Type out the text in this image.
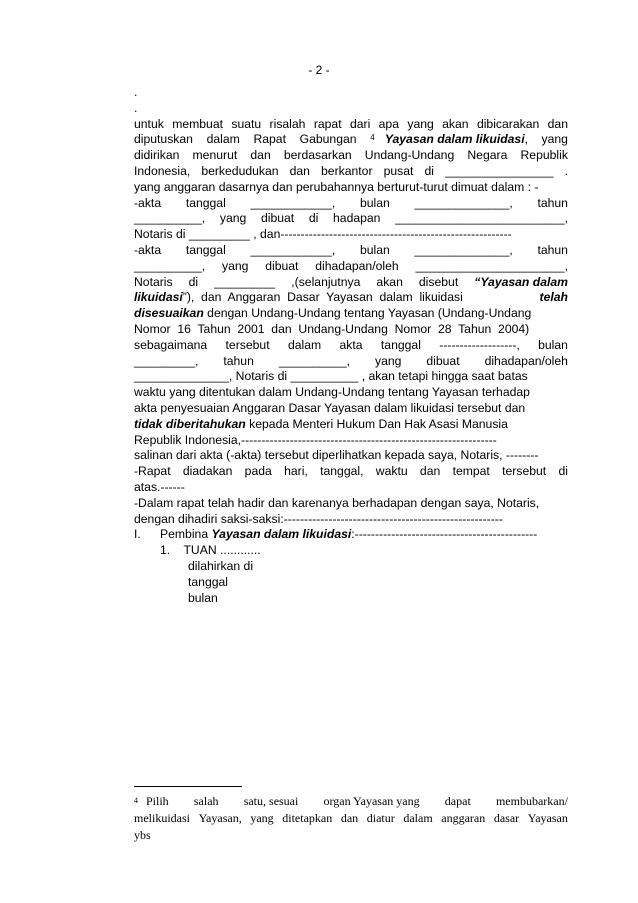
- 2 -
.
.
untuk membuat suatu risalah rapat dari apa yang akan dibicarakan dan
diputuskan dalam Rapat Gabungan $^4$ Yayasan dalam likuidasi,    yang
didirikan menurut dan berdasarkan Undang-Undang Negara Republik
Indonesia, berkedudukan dan berkantor pusat di ________________ .
yang anggaran dasarnya dan perubahannya berturut-turut dimuat dalam : -
-akta tanggal ____________, bulan ______________, tahun
__________, yang dibuat di hadapan _________________________,
Notaris di _________ , dan---------------------------------------------------------
-akta tanggal ____________, bulan ______________, tahun
__________, yang dibuat dihadapan/oleh ______________________,
Notaris di _________ ,(selanjutnya akan disebut “Yayasan dalam
likuidasi ”),  dan  Anggaran  Dasar  Yayasan  dalam  likuidasi	telah
disesuaikan dengan Undang-Undang tentang Yayasan (Undang-Undang
Nomor  16  Tahun  2001  dan  Undang-Undang  Nomor  28  Tahun  2004)
sebagaimana tersebut dalam akta tanggal -------------------, bulan
_________, tahun __________, yang dibuat dihadapan/oleh
______________, Notaris di __________ , akan tetapi hingga saat batas
waktu yang ditentukan dalam Undang-Undang tentang Yayasan terhadap
akta penyesuaian Anggaran Dasar Yayasan dalam likuidasi tersebut dan
tidak diberitahukan kepada Menteri Hukum Dan Hak Asasi Manusia
Republik Indonesia,---------------------------------------------------------------
salinan dari akta (-akta) tersebut diperlihatkan kepada saya, Notaris, --------
-Rapat diadakan pada hari, tanggal, waktu dan tempat tersebut di
atas.------
-Dalam rapat telah hadir dan karenanya berhadapan dengan saya, Notaris,
dengan dihadiri saksi-saksi:------------------------------------------------------
I.	Pembina Yayasan dalam likuidasi :---------------------------------------------
1.    TUAN ............
dilahirkan di
tanggal
bulan
$^4$ Pilih salah satu, sesuai organ Yayasan yang dapat membubarkan/
melikuidasi Yayasan, yang ditetapkan dan diatur dalam anggaran dasar Yayasan
ybs
